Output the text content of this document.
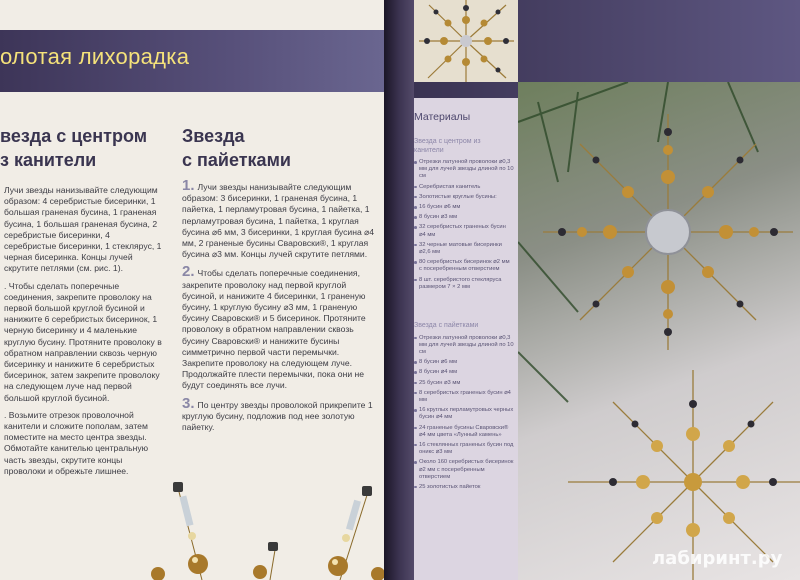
олотая лихорадка
везда с центром
з канители

Лучи звезды нанизывайте следующим образом: 4 серебристые бисеринки, 1 большая граненая бусина, 1 граненая бусина, 1 большая граненая бусина, 2 серебристые бисеринки, 4 серебристые бисеринки, 1 стеклярус, 1 черная бисеринка. Концы лучей скрутите петлями (см. рис. 1).

. Чтобы сделать поперечные соединения, закрепите проволоку на первой большой круглой бусиной и нанижите 6 серебристых бисеринок, 1 черную бисеринку и 4 маленькие круглую бусину. Протяните проволоку в обратном направлении сквозь черную бисеринку и нанижите 6 серебристых бисеринок, затем закрепите проволоку на следующем луче над первой большой круглой бусиной.

. Возьмите отрезок проволочной канители и сложите пополам, затем поместите на место центра звезды. Обмотайте канителью центральную часть звезды, скрутите концы проволоки и обрежьте лишнее.

Звезда
с пайетками

1. Лучи звезды нанизывайте следующим образом: 3 бисеринки, 1 граненая бусина, 1 пайетка, 1 перламутровая бусина, 1 пайетка, 1 перламутровая бусина, 1 пайетка, 1 круглая бусина ⌀6 мм, 3 бисеринки, 1 круглая бусина ⌀4 мм, 2 граненые бусины Сваровски®, 1 круглая бусина ⌀3 мм. Концы лучей скрутите петлями.

2. Чтобы сделать поперечные соединения, закрепите проволоку над первой круглой бусиной, и нанижите 4 бисеринки, 1 граненую бусину, 1 круглую бусину ⌀3 мм, 1 граненую бусину Сваровски® и 5 бисеринок. Протяните проволоку в обратном направлении сквозь бусину Сваровски® и нанижите бусины симметрично первой части перемычки. Закрепите проволоку на следующем луче. Продолжайте плести перемычки, пока они не будут соединять все лучи.

3. По центру звезды проволокой прикрепите 1 круглую бусину, подложив под нее золотую пайетку.

Материалы
Звезда с центром из
канители
Отрезки латунной проволоки ⌀0,3 мм для лучей звезды длиной по 10 см
Серебристая канитель
Золотистые круглые бусины:
16 бусин ⌀6 мм
8 бусин ⌀3 мм
32 серебристых граненых бусин ⌀4 мм
32 черные матовые бисеринки ⌀2,6 мм
80 серебристых бисеринок ⌀2 мм с посеребренным отверстием
8 шт. серебристого стекляруса размером 7 × 2 мм
Звезда с пайетками
Отрезки латунной проволоки ⌀0,3 мм для лучей звезды длиной по 10 см
8 бусин ⌀6 мм
8 бусин ⌀4 мм
25 бусин ⌀3 мм
8 серебристых граненых бусин ⌀4 мм
16 круглых перламутровых черных бусин ⌀4 мм
24 граненые бусины Сваровски® ⌀4 мм цвета «Лунный камень»
16 стеклянных граненых бусин под оникс ⌀3 мм
Около 160 серебристых бисеринок ⌀2 мм с посеребренным отверстием
25 золотистых пайеток
лабиринт.ру
